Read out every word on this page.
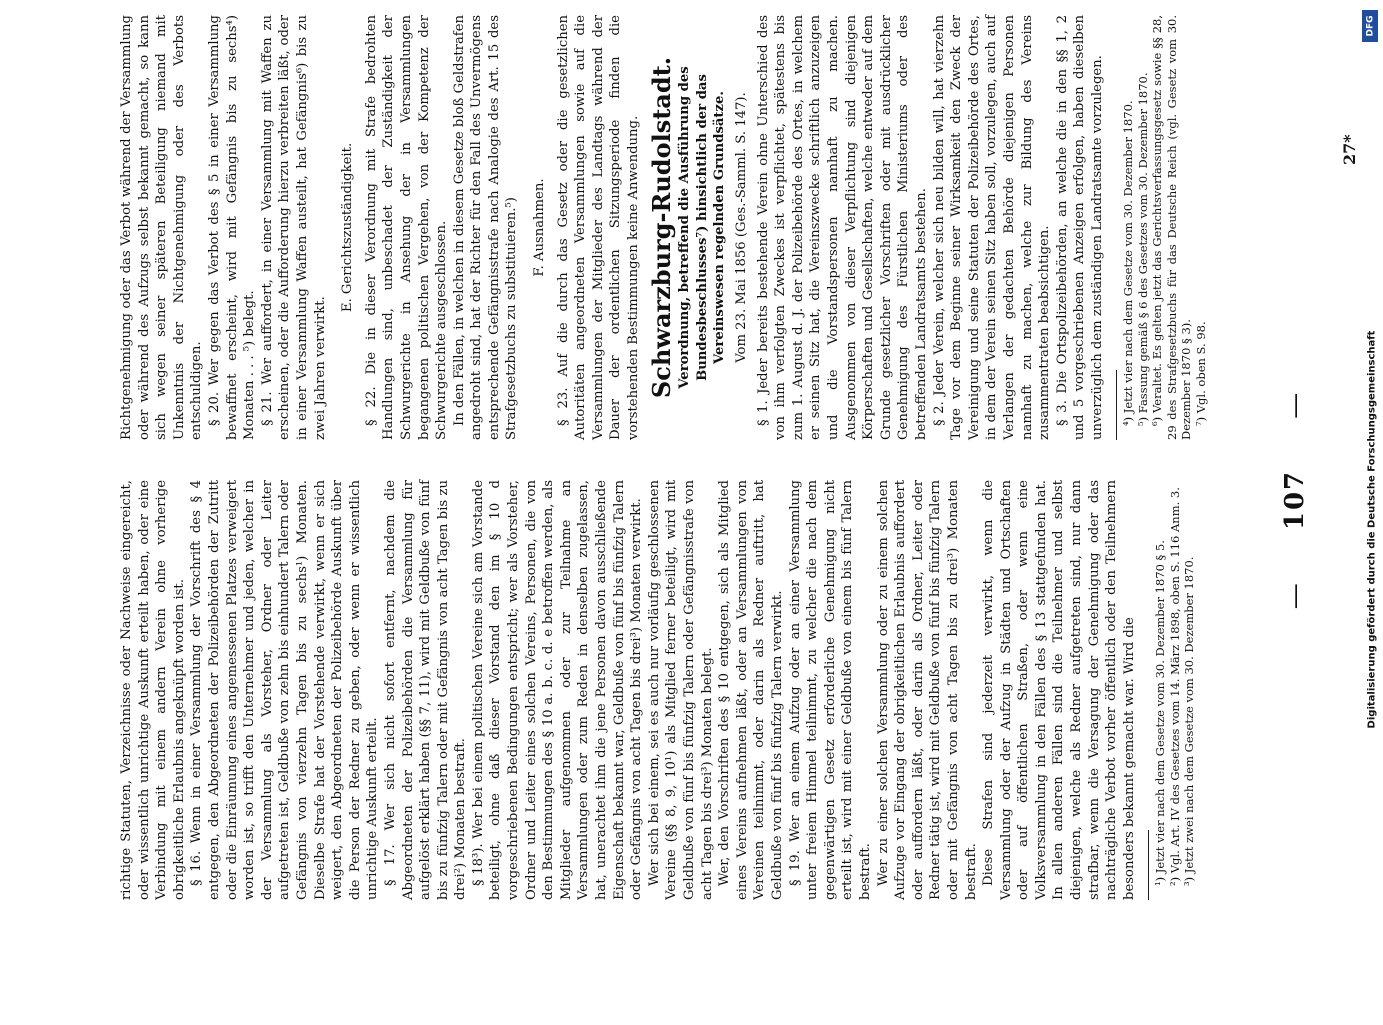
— 107 —

richtige Statuten, Verzeichnisse oder Nachweise eingereicht, oder wissentlich unrichtige Auskunft erteilt haben, oder eine Verbindung mit einem andern Verein ohne vorherige obrigkeitliche Erlaubnis angeknüpft worden ist. § 16. Wenn in einer Versammlung der Vorschrift des § 4 entgegen, den Abgeordneten der Polizeibehörden der Zutritt oder die Einräumung eines angemessenen Platzes verweigert worden ist, so trifft den Unternehmer und jeden, welcher in der Versammlung als Vorsteher, Ordner oder Leiter aufgetreten ist, Geldbuße von zehn bis einhundert Talern oder Gefängnis von vierzehn Tagen bis zu sechs¹) Monaten. Dieselbe Strafe hat der Vorstehende verwirkt, wenn er sich weigert, den Abgeordneten der Polizeibehörde Auskunft über die Person der Redner zu geben, oder wenn er wissentlich unrichtige Auskunft erteilt. § 17. Wer sich nicht sofort entfernt, nachdem die Abgeordneten der Polizeibehörden die Versammlung für aufgelöst erklärt haben (§§ 7, 11), wird mit Geldbuße von fünf bis zu fünfzig Talern oder mit Gefängnis von acht Tagen bis zu drei²) Monaten bestraft. § 18³). Wer bei einem politischen Vereine sich am Vorstande beteiligt, ohne daß dieser Vorstand den im § 10 d vorgeschriebenen Bedingungen entspricht; wer als Vorsteher, Ordner und Leiter eines solchen Vereins, Personen, die von den Bestimmungen des § 10 a. b. c. d. e betroffen werden, als Mitglieder aufgenommen oder zur Teilnahme an Versammlungen oder zum Reden in denselben zugelassen, hat, unerachtet ihm die jene Personen davon ausschließende Eigenschaft bekannt war, Geldbuße von fünf bis fünfzig Talern oder Gefängnis von acht Tagen bis drei³) Monaten verwirkt. Wer sich bei einem, sei es auch nur vorläufig geschlossenen Vereine (§§ 8, 9, 10¹) als Mitglied ferner beteiligt, wird mit Geldbuße von fünf bis fünfzig Talern oder Gefängnisstrafe von acht Tagen bis drei³) Monaten belegt. Wer, den Vorschriften des § 10 entgegen, sich als Mitglied eines Vereins aufnehmen läßt, oder an Versammlungen von Vereinen teilnimmt, oder darin als Redner auftritt, hat Geldbuße von fünf bis fünfzig Talern verwirkt. § 19. Wer an einem Aufzug oder an einer Versammlung unter freiem Himmel teilnimmt, zu welcher die nach dem gegenwärtigen Gesetz erforderliche Genehmigung nicht erteilt ist, wird mit einer Geldbuße von einem bis fünf Talern bestraft. Wer zu einer solchen Versammlung oder zu einem solchen Aufzuge vor Eingang der obrigkeitlichen Erlaubnis auffordert oder auffordern läßt, oder darin als Ordner, Leiter oder Redner tätig ist, wird mit Geldbuße von fünf bis fünfzig Talern oder mit Gefängnis von acht Tagen bis zu drei³) Monaten bestraft. Diese Strafen sind jederzeit verwirkt, wenn die Versammlung oder der Aufzug in Städten und Ortschaften oder auf öffentlichen Straßen, oder wenn eine Volksversammlung in den Fällen des § 13 stattgefunden hat. In allen anderen Fällen sind die Teilnehmer und selbst diejenigen, welche als Redner aufgetreten sind, nur dann strafbar, wenn die Versagung der Genehmigung oder das nachträgliche Verbot vorher öffentlich oder den Teilnehmern besonders bekannt gemacht war. Wird die ¹) Jetzt vier nach dem Gesetze vom 30. Dezember 1870 § 5. ²) Vgl. Art. IV des Gesetzes vom 14. März 1898, oben S. 116 Anm. 3. ³) Jetzt zwei nach dem Gesetze vom 30. Dezember 1870.

Richtgenehmigung oder das Verbot während der Versammlung oder während des Aufzugs selbst bekannt gemacht, so kann sich wegen seiner späteren Beteiligung niemand mit Unkenntnis der Nichtgenehmigung oder des Verbots entschuldigen. § 20. Wer gegen das Verbot des § 5 in einer Versammlung bewaffnet erscheint, wird mit Gefängnis bis zu sechs⁴) Monaten . . . ⁵) belegt. § 21. Wer auffordert, in einer Versammlung mit Waffen zu erscheinen, oder die Aufforderung hierzu verbreiten läßt, oder in einer Versammlung Waffen austeilt, hat Gefängnis⁶) bis zu zwei Jahren verwirkt.

E. Gerichtszuständigkeit. § 22. Die in dieser Verordnung mit Strafe bedrohten Handlungen sind, unbeschadet der Zuständigkeit der Schwurgerichte in Ansehung der in Versammlungen begangenen politischen Vergehen, von der Kompetenz der Schwurgerichte ausgeschlossen. In den Fällen, in welchen in diesem Gesetze bloß Geldstrafen angedroht sind, hat der Richter für den Fall des Unvermögens entsprechende Gefängnisstrafe nach Analogie des Art. 15 des Strafgesetzbuchs zu substituieren.⁵) F. Ausnahmen. § 23. Auf die durch das Gesetz oder die gesetzlichen Autoritäten angeordneten Versammlungen sowie auf die Versammlungen der Mitglieder des Landtags während der Dauer der ordentlichen Sitzungsperiode finden die vorstehenden Bestimmungen keine Anwendung. Schwarzburg-Rudolstadt. Verordnung, betreffend die Ausführung des Bundesbeschlusses⁷) hinsichtlich der das Vereinswesen regelnden Grundsätze. Vom 23. Mai 1856 (Ges.-Samml. S. 147). § 1. Jeder bereits bestehende Verein ohne Unterschied des von ihm verfolgten Zweckes ist verpflichtet, spätestens bis zum 1. August d. J. der Polizeibehörde des Ortes, in welchem er seinen Sitz hat, die Vereinszwecke schriftlich anzuzeigen und die Vorstandspersonen namhaft zu machen. Ausgenommen von dieser Verpflichtung sind diejenigen Körperschaften und Gesellschaften, welche entweder auf dem Grunde gesetzlicher Vorschriften oder mit ausdrücklicher Genehmigung des Fürstlichen Ministeriums oder des betreffenden Landratsamts bestehen. § 2. Jeder Verein, welcher sich neu bilden will, hat vierzehn Tage vor dem Beginne seiner Wirksamkeit den Zweck der Vereinigung und seine Statuten der Polizeibehörde des Ortes, in dem der Verein seinen Sitz haben soll, vorzulegen, auch auf Verlangen der gedachten Behörde diejenigen Personen namhaft zu machen, welche zur Bildung des Vereins zusammentraten beabsichtigen. § 3. Die Ortspolizeibehörden, an welche die in den §§ 1, 2 und 5 vorgeschriebenen Anzeigen erfolgen, haben dieselben unverzüglich dem zuständigen Landratsamte vorzulegen. ⁴) Jetzt vier nach dem Gesetze vom 30. Dezember 1870. ⁵) Fassung gemäß § 6 des Gesetzes vom 30. Dezember 1870. ⁶) Veraltet. Es gelten jetzt das Gerichtsverfassungsgesetz sowie §§ 28, 29 des Strafgesetzbuchs für das Deutsche Reich (vgl. Gesetz vom 30. Dezember 1870 § 3). ⁷) Vgl. oben S. 98.

27*
DFG
Digitalisierung gefördert durch die Deutsche Forschungsgemeinschaft
